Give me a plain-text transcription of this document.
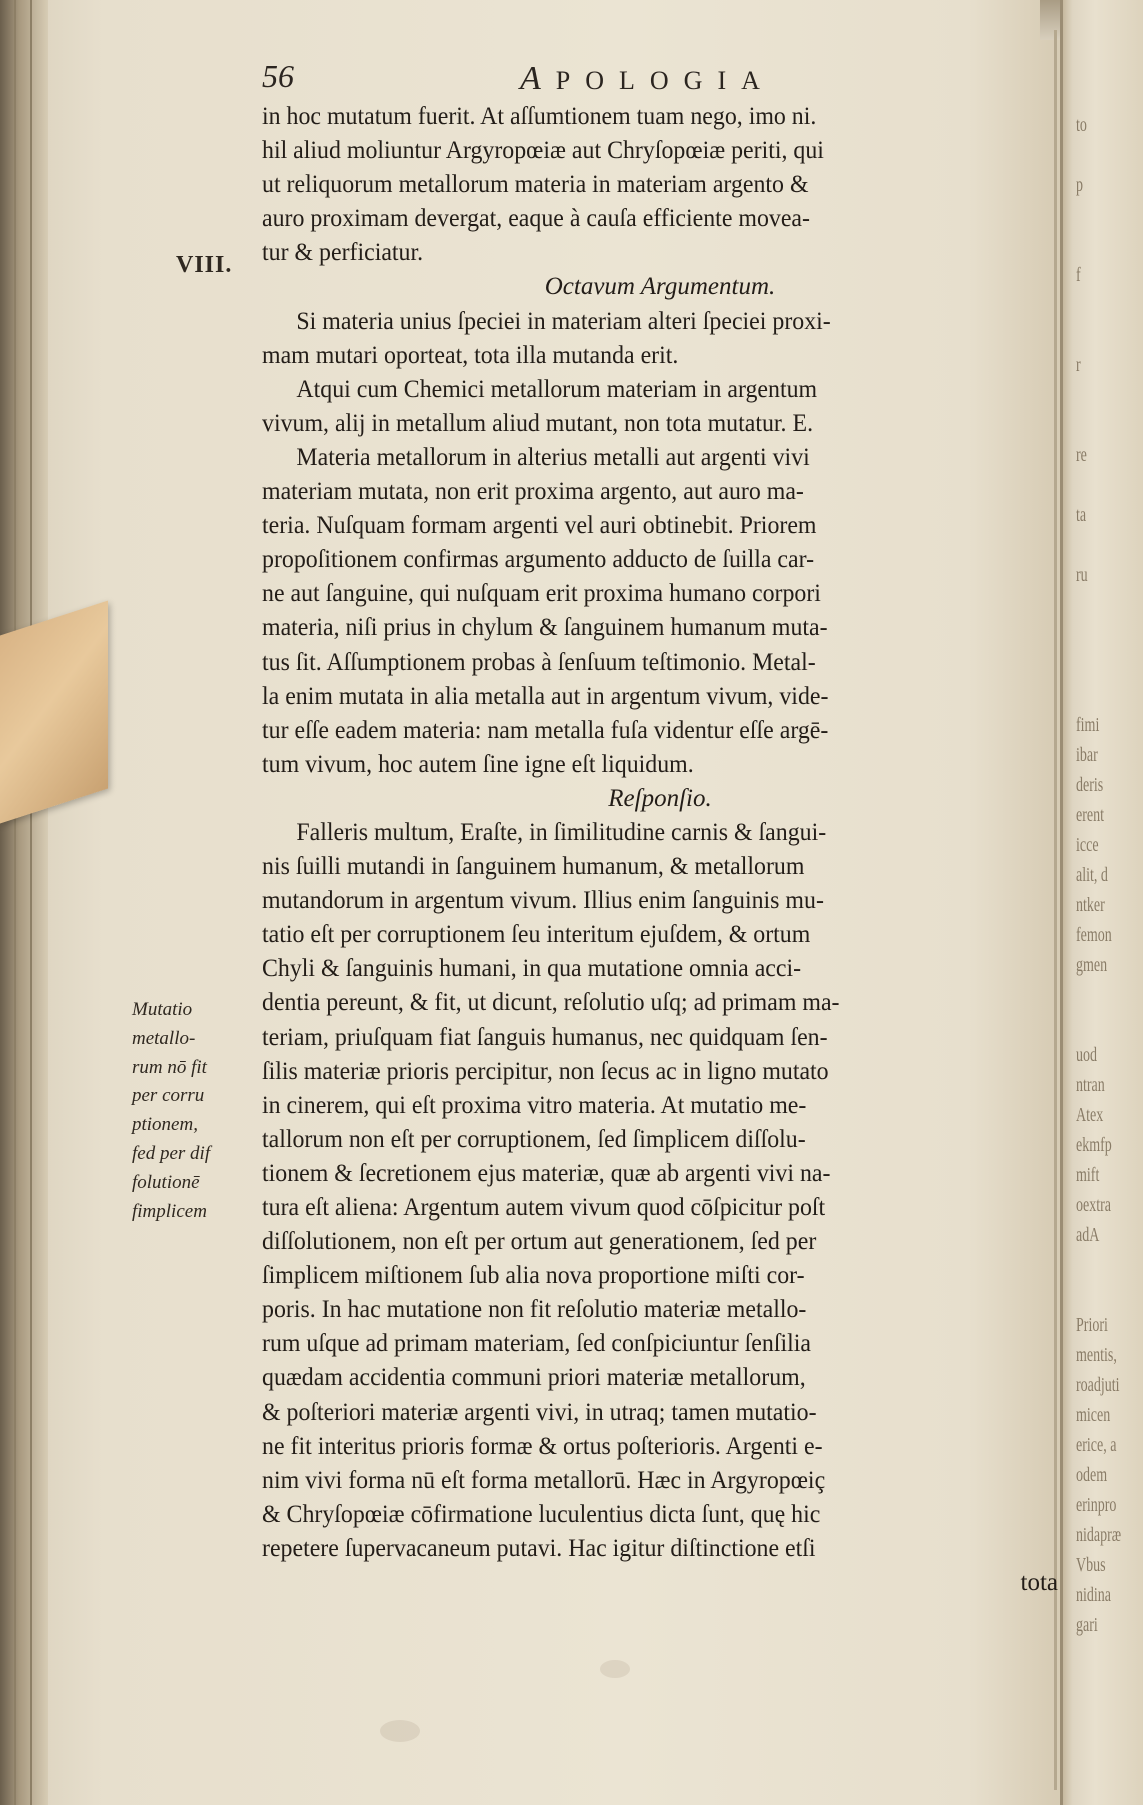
to
p
f
r
re
ta
ru
fimi
ibar
deris
erent
icce
alit, d
ntker
femon
gmen
uod
ntran
Atex
ekmfp
mift
oextra
adA
Priori
mentis,
roadjuti
micen
erice, a
odem
erinpro
nidapræ
Vbus
nidina
gari
56	APOLOGIA
VIII.
Mutatio
metallo-
rum nō fit
per corru
ptionem,
fed per dif
folutionē
fimplicem
in hoc mutatum fuerit. At aſſumtionem tuam nego, imo ni.
hil aliud moliuntur Argyropœiæ aut Chryſopœiæ periti, qui
ut reliquorum metallorum materia in materiam argento &
auro proximam devergat, eaque à cauſa efficiente movea-
tur & perficiatur.
Octavum Argumentum.
Si materia unius ſpeciei in materiam alteri ſpeciei proxi-
mam mutari oporteat, tota illa mutanda erit.
Atqui cum Chemici metallorum materiam in argentum
vivum, alij in metallum aliud mutant, non tota mutatur. E.
Materia metallorum in alterius metalli aut argenti vivi
materiam mutata, non erit proxima argento, aut auro ma-
teria. Nuſquam formam argenti vel auri obtinebit. Priorem
propoſitionem confirmas argumento adducto de ſuilla car-
ne aut ſanguine, qui nuſquam erit proxima humano corpori
materia, niſi prius in chylum & ſanguinem humanum muta-
tus ſit. Aſſumptionem probas à ſenſuum teſtimonio. Metal-
la enim mutata in alia metalla aut in argentum vivum, vide-
tur eſſe eadem materia: nam metalla fuſa videntur eſſe argē-
tum vivum, hoc autem ſine igne eſt liquidum.
Reſponſio.
Falleris multum, Eraſte, in ſimilitudine carnis & ſangui-
nis ſuilli mutandi in ſanguinem humanum, & metallorum
mutandorum in argentum vivum. Illius enim ſanguinis mu-
tatio eſt per corruptionem ſeu interitum ejuſdem, & ortum
Chyli & ſanguinis humani, in qua mutatione omnia acci-
dentia pereunt, & fit, ut dicunt, reſolutio uſq; ad primam ma-
teriam, priuſquam fiat ſanguis humanus, nec quidquam ſen-
ſilis materiæ prioris percipitur, non ſecus ac in ligno mutato
in cinerem, qui eſt proxima vitro materia. At mutatio me-
tallorum non eſt per corruptionem, ſed ſimplicem diſſolu-
tionem & ſecretionem ejus materiæ, quæ ab argenti vivi na-
tura eſt aliena: Argentum autem vivum quod cōſpicitur poſt
diſſolutionem, non eſt per ortum aut generationem, ſed per
ſimplicem miſtionem ſub alia nova proportione miſti cor-
poris. In hac mutatione non fit reſolutio materiæ metallo-
rum uſque ad primam materiam, ſed conſpiciuntur ſenſilia
quædam accidentia communi priori materiæ metallorum,
& poſteriori materiæ argenti vivi, in utraq; tamen mutatio-
ne fit interitus prioris formæ & ortus poſterioris. Argenti e-
nim vivi forma nū eſt forma metallorū. Hæc in Argyropœiç
& Chryſopœiæ cōfirmatione luculentius dicta ſunt, quę hic
repetere ſupervacaneum putavi. Hac igitur diſtinctione etſi
tota
